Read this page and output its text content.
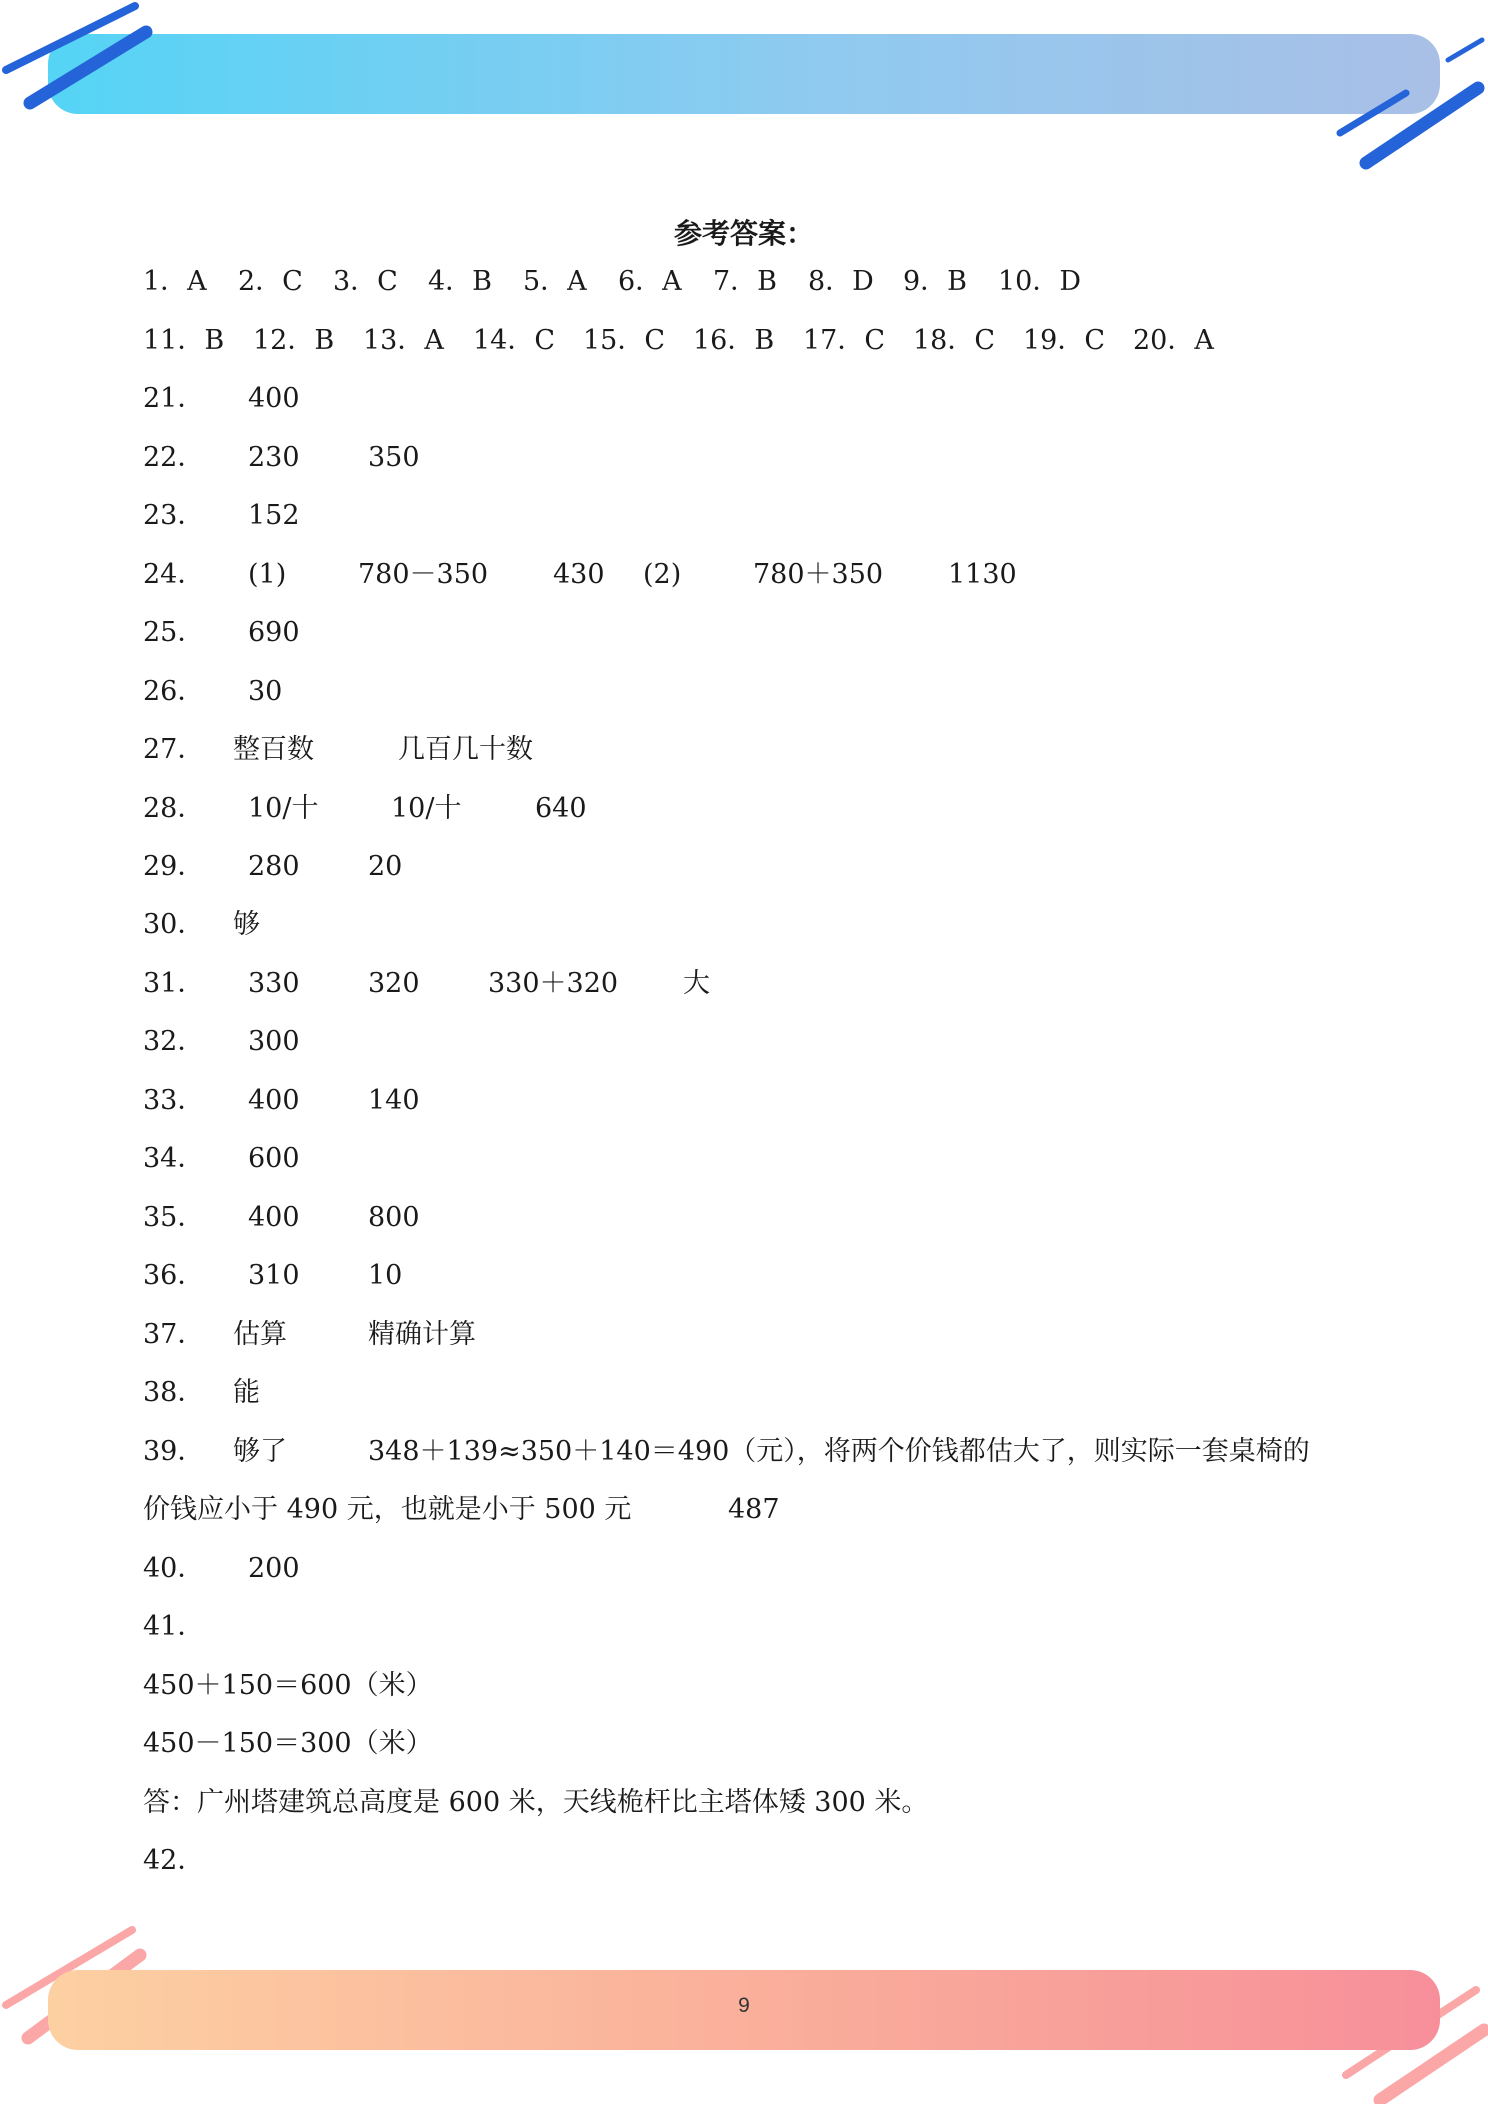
参考答案：
1．A 2．C 3．C 4．B 5．A 6．A 7．B 8．D 9．B 10．D
11．B 12．B 13．A 14．C 15．C 16．B 17．C 18．C 19．C 20．A
21． 400
22． 230	350
23． 152
24． (1)	780－350 430 (2)	780＋350 1130
25． 690
26． 30
27． 整百数	几百几十数
28． 10/十	10/十	640
29． 280	20
30． 够
31． 330	320	330＋320 大
32． 300
33． 400	140
34． 600
35． 400	800
36． 310	10
37． 估算	精确计算
38． 能
39． 够了	348＋139≈350＋140＝490（元），将两个价钱都估大了，则实际一套桌椅的
价钱应小于 490 元，也就是小于 500 元	487
40． 200
41．
450＋150＝600（米）
450－150＝300（米）
答：广州塔建筑总高度是 600 米，天线桅杆比主塔体矮 300 米。
42．
9
